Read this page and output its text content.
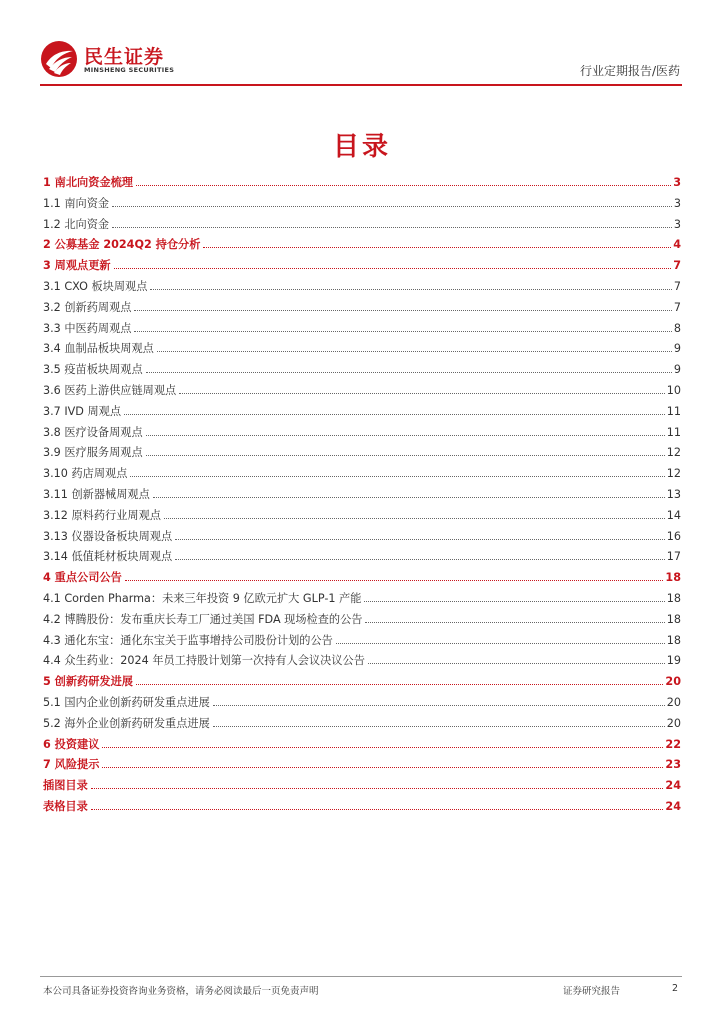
民生证券
MINSHENG SECURITIES	行业定期报告/医药
目录
1 南北向资金梳理	3
1.1 南向资金	3
1.2 北向资金	3
2 公募基金 2024Q2 持仓分析	4
3 周观点更新	7
3.1 CXO 板块周观点	7
3.2 创新药周观点	7
3.3 中医药周观点	8
3.4 血制品板块周观点	9
3.5 疫苗板块周观点	9
3.6 医药上游供应链周观点	10
3.7 IVD 周观点	11
3.8 医疗设备周观点	11
3.9 医疗服务周观点	12
3.10 药店周观点	12
3.11 创新器械周观点	13
3.12 原料药行业周观点	14
3.13 仪器设备板块周观点	16
3.14 低值耗材板块周观点	17
4 重点公司公告	18
4.1 Corden Pharma：未来三年投资 9 亿欧元扩大 GLP-1 产能	18
4.2 博腾股份：发布重庆长寿工厂通过美国 FDA 现场检查的公告	18
4.3 通化东宝：通化东宝关于监事增持公司股份计划的公告	18
4.4 众生药业：2024 年员工持股计划第一次持有人会议决议公告	19
5 创新药研发进展	20
5.1 国内企业创新药研发重点进展	20
5.2 海外企业创新药研发重点进展	20
6 投资建议	22
7 风险提示	23
插图目录	24
表格目录	24
本公司具备证券投资咨询业务资格，请务必阅读最后一页免责声明	证券研究报告	2
